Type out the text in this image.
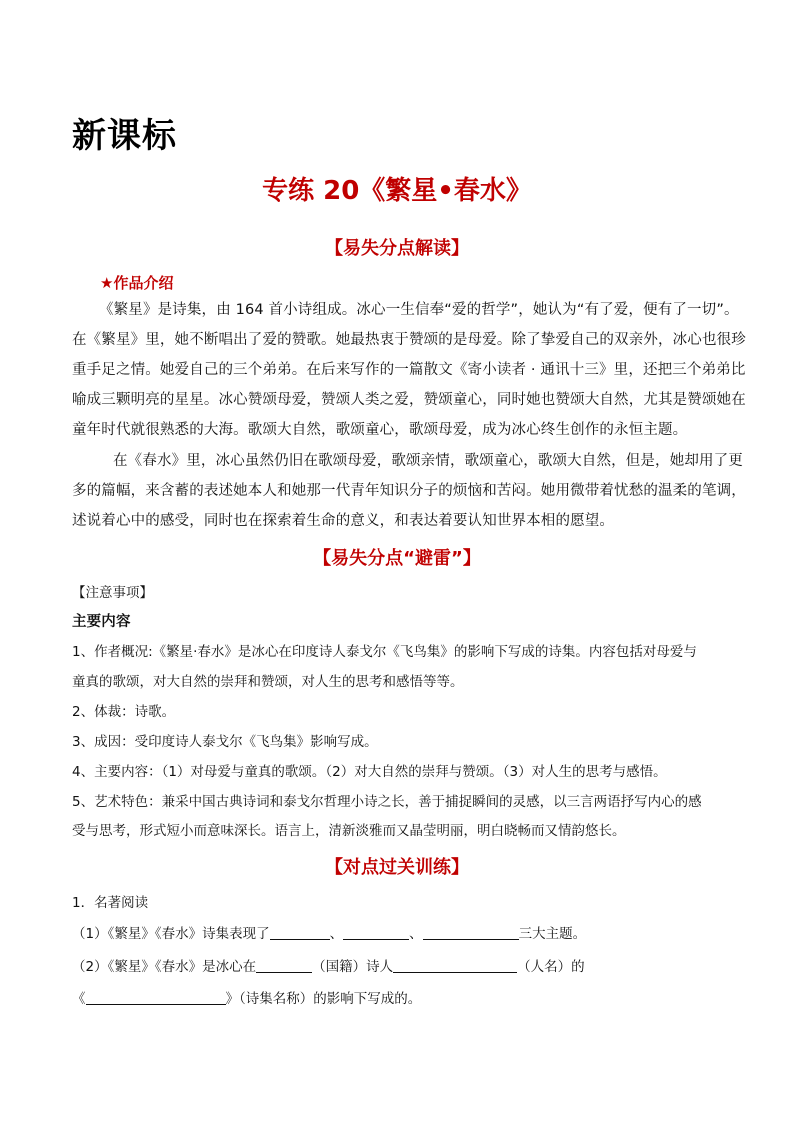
新课标
专练 20《繁星•春水》
【易失分点解读】
★作品介绍
《繁星》是诗集，由 164 首小诗组成。冰心一生信奉“爱的哲学”，她认为“有了爱，便有了一切”。
在《繁星》里，她不断唱出了爱的赞歌。她最热衷于赞颂的是母爱。除了挚爱自己的双亲外，冰心也很珍
重手足之情。她爱自己的三个弟弟。在后来写作的一篇散文《寄小读者 · 通讯十三》里，还把三个弟弟比
喻成三颗明亮的星星。冰心赞颂母爱，赞颂人类之爱，赞颂童心，同时她也赞颂大自然，尤其是赞颂她在
童年时代就很熟悉的大海。歌颂大自然，歌颂童心，歌颂母爱，成为冰心终生创作的永恒主题。
在《春水》里，冰心虽然仍旧在歌颂母爱，歌颂亲情，歌颂童心，歌颂大自然，但是，她却用了更
多的篇幅，来含蓄的表述她本人和她那一代青年知识分子的烦恼和苦闷。她用微带着忧愁的温柔的笔调，
述说着心中的感受，同时也在探索着生命的意义，和表达着要认知世界本相的愿望。
【易失分点“避雷”】
【注意事项】
主要内容
1、作者概况:《繁星·春水》是冰心在印度诗人泰戈尔《飞鸟集》的影响下写成的诗集。内容包括对母爱与
童真的歌颂，对大自然的崇拜和赞颂，对人生的思考和感悟等等。
2、体裁：诗歌。
3、成因：受印度诗人泰戈尔《飞鸟集》影响写成。
4、主要内容：（1）对母爱与童真的歌颂。（2）对大自然的崇拜与赞颂。（3）对人生的思考与感悟。
5、艺术特色：兼采中国古典诗词和泰戈尔哲理小诗之长，善于捕捉瞬间的灵感，以三言两语抒写内心的感
受与思考，形式短小而意味深长。语言上，清新淡雅而又晶莹明丽，明白晓畅而又情韵悠长。
【对点过关训练】
1．名著阅读
（1）《繁星》《春水》诗集表现了	、	、	三大主题。
（2）《繁星》《春水》是冰心在	（国籍）诗人	（人名）的
《	》（诗集名称）的影响下写成的。
